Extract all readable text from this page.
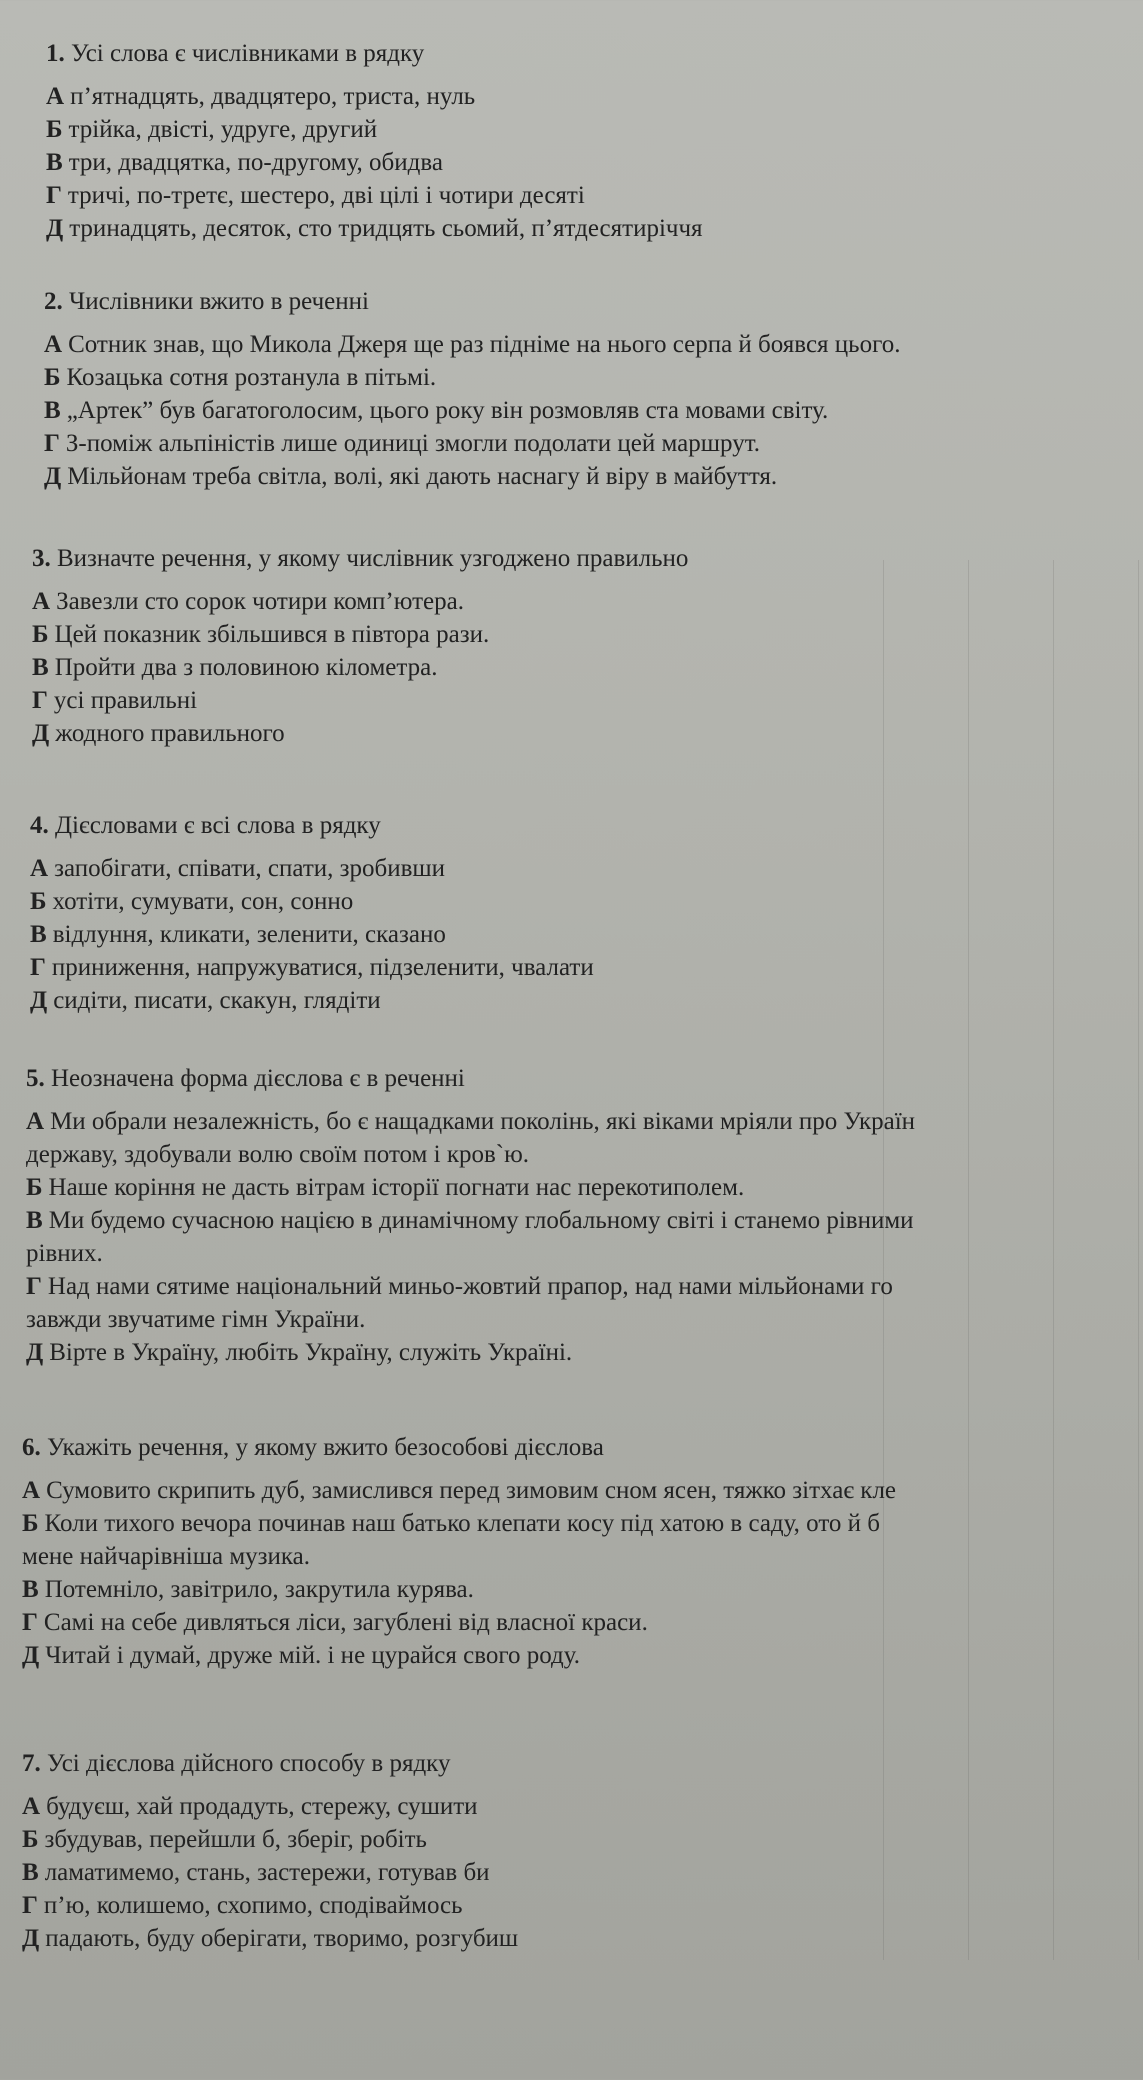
1. Усі слова є числівниками в рядку
А п’ятнадцять, двадцятеро, триста, нуль
Б трійка, двісті, удруге, другий
В три, двадцятка, по-другому, обидва
Г тричі, по-третє, шестеро, дві цілі і чотири десяті
Д тринадцять, десяток, сто тридцять сьомий, п’ятдесятиріччя
2. Числівники вжито в реченні
А Сотник знав, що Микола Джеря ще раз підніме на нього серпа й боявся цього.
Б Козацька сотня розтанула в пітьмі.
В „Артек” був багатоголосим, цього року він розмовляв ста мовами світу.
Г З-поміж альпіністів лише одиниці змогли подолати цей маршрут.
Д Мільйонам треба світла, волі, які дають наснагу й віру в майбуття.
3. Визначте речення, у якому числівник узгоджено правильно
А Завезли сто сорок чотири комп’ютера.
Б Цей показник збільшився в півтора рази.
В Пройти два з половиною кілометра.
Г усі правильні
Д жодного правильного
4. Дієсловами є всі слова в рядку
А запобігати, співати, спати, зробивши
Б хотіти, сумувати, сон, сонно
В відлуння, кликати, зеленити, сказано
Г приниження, напружуватися, підзеленити, чвалати
Д сидіти, писати, скакун, глядіти
5. Неозначена форма дієслова є в реченні
А Ми обрали незалежність, бо є нащадками поколінь, які віками мріяли про Україн
державу, здобували волю своїм потом і кров`ю.
Б Наше коріння не дасть вітрам історії погнати нас перекотиполем.
В Ми будемо сучасною нацією в динамічному глобальному світі і станемо рівними
рівних.
Г Над нами сятиме національний миньо-жовтий прапор, над нами мільйонами го
завжди звучатиме гімн України.
Д Вірте в Україну, любіть Україну, служіть Україні.
6. Укажіть речення, у якому вжито безособові дієслова
А Сумовито скрипить дуб, замислився перед зимовим сном ясен, тяжко зітхає кле
Б Коли тихого вечора починав наш батько клепати косу під хатою в саду, ото й б
мене найчарівніша музика.
В Потемніло, завітрило, закрутила курява.
Г Самі на себе дивляться ліси, загублені від власної краси.
Д Читай і думай, друже мій. і не цурайся свого роду.
7. Усі дієслова дійсного способу в рядку
А будуєш, хай продадуть, стережу, сушити
Б збудував, перейшли б, зберіг, робіть
В ламатимемо, стань, застережи, готував би
Г п’ю, колишемо, схопимо, сподіваймось
Д падають, буду оберігати, творимо, розгубиш
